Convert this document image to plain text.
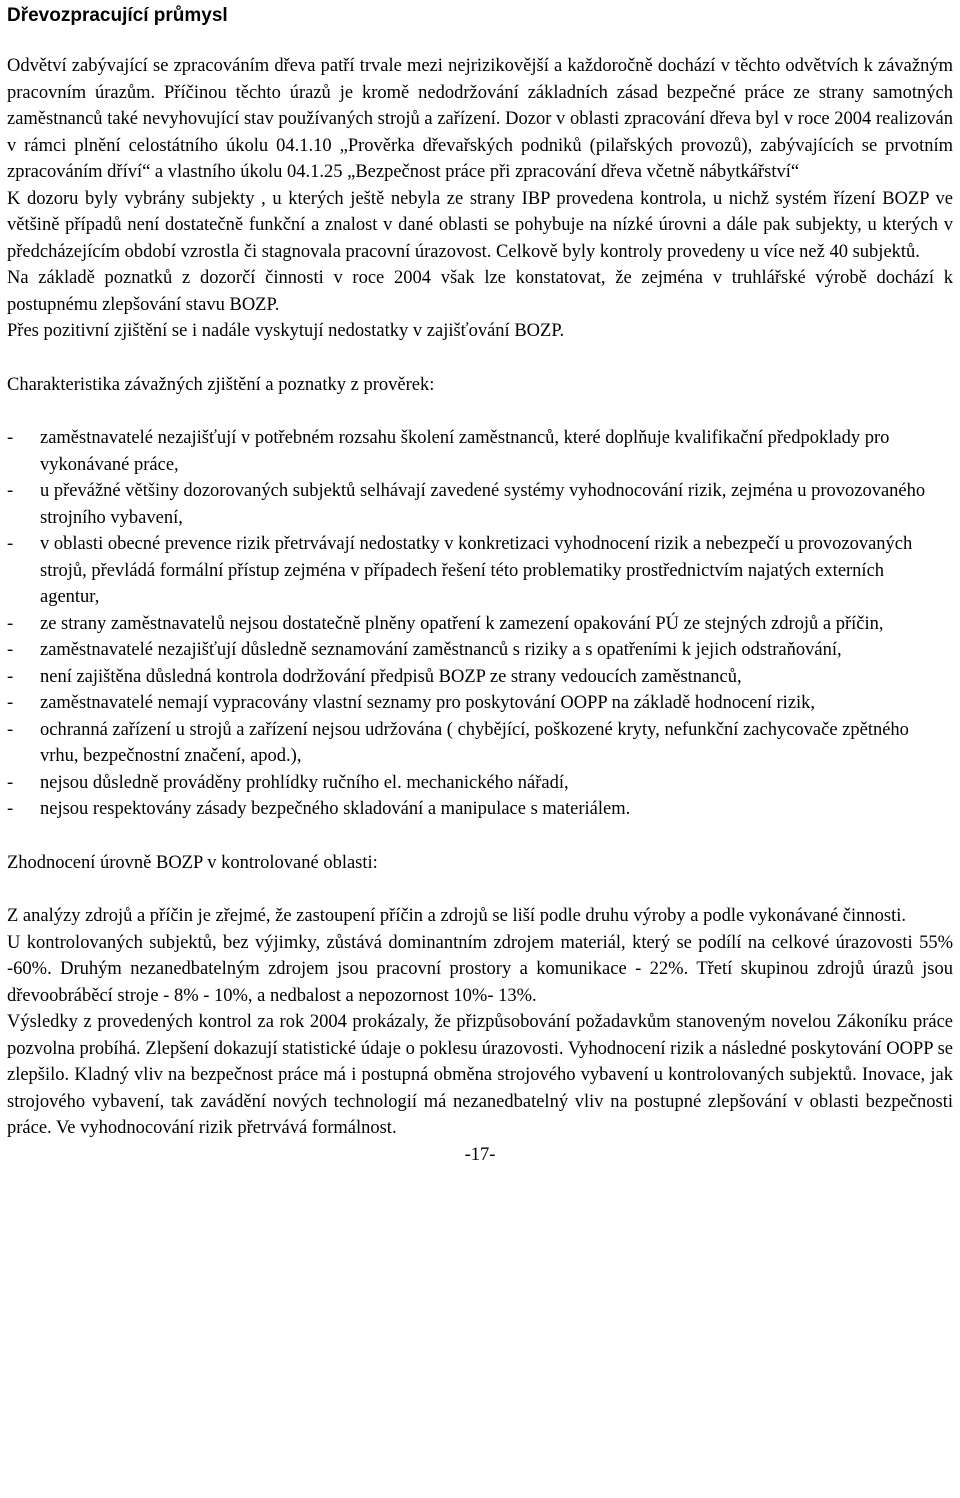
Dřevozpracující průmysl

Odvětví zabývající se zpracováním dřeva patří trvale mezi nejrizikovější a každoročně dochází v těchto odvětvích k závažným pracovním úrazům. Příčinou těchto úrazů je kromě nedodržování základních zásad bezpečné práce ze strany samotných zaměstnanců také nevyhovující stav používaných strojů a zařízení. Dozor v oblasti zpracování dřeva byl v roce 2004 realizován v rámci plnění celostátního úkolu 04.1.10 „Prověrka dřevařských podniků (pilařských provozů), zabývajících se prvotním zpracováním dříví“ a vlastního úkolu 04.1.25 „Bezpečnost práce při zpracování dřeva včetně nábytkářství“

K dozoru byly vybrány subjekty , u kterých ještě nebyla ze strany IBP provedena kontrola, u nichž systém řízení BOZP ve většině případů není dostatečně funkční a znalost v dané oblasti se pohybuje na nízké úrovni a dále pak subjekty, u kterých v předcházejícím období vzrostla či stagnovala pracovní úrazovost. Celkově byly kontroly provedeny u více než 40 subjektů.

Na základě poznatků z dozorčí činnosti v roce 2004 však lze konstatovat, že zejména v truhlářské výrobě dochází k postupnému zlepšování stavu BOZP.

Přes pozitivní zjištění se i nadále vyskytují nedostatky v zajišťování BOZP.

Charakteristika závažných zjištění a poznatky z prověrek:

- zaměstnavatelé nezajišťují v potřebném rozsahu školení zaměstnanců, které doplňuje kvalifikační předpoklady pro vykonávané práce,
- u převážné většiny dozorovaných subjektů selhávají zavedené systémy vyhodnocování rizik, zejména u provozovaného strojního vybavení,
- v oblasti obecné prevence rizik přetrvávají nedostatky v konkretizaci vyhodnocení rizik a nebezpečí u provozovaných strojů, převládá formální přístup zejména v případech řešení této problematiky prostřednictvím najatých externích agentur,
- ze strany zaměstnavatelů nejsou dostatečně plněny opatření k zamezení opakování PÚ ze stejných zdrojů a příčin,
- zaměstnavatelé nezajišťují důsledně seznamování zaměstnanců s riziky a s opatřeními k jejich odstraňování,
- není zajištěna důsledná kontrola dodržování předpisů BOZP ze strany vedoucích zaměstnanců,
- zaměstnavatelé nemají vypracovány vlastní seznamy pro poskytování OOPP na základě hodnocení rizik,
- ochranná zařízení u strojů a zařízení nejsou udržována ( chybějící, poškozené kryty, nefunkční zachycovače zpětného vrhu, bezpečnostní značení, apod.),
- nejsou důsledně prováděny prohlídky ručního el. mechanického nářadí,
- nejsou respektovány zásady bezpečného skladování a manipulace s materiálem.

Zhodnocení úrovně BOZP v kontrolované oblasti:

Z analýzy zdrojů a příčin je zřejmé, že zastoupení příčin a zdrojů se liší podle druhu výroby a podle vykonávané činnosti.

U kontrolovaných subjektů, bez výjimky, zůstává dominantním zdrojem materiál, který se podílí na celkové úrazovosti 55% -60%. Druhým nezanedbatelným zdrojem jsou pracovní prostory a komunikace - 22%. Třetí skupinou zdrojů úrazů jsou dřevoobráběcí stroje - 8% - 10%, a nedbalost a nepozornost 10%- 13%.

Výsledky z provedených kontrol za rok 2004 prokázaly, že přizpůsobování požadavkům stanoveným novelou Zákoníku práce pozvolna probíhá. Zlepšení dokazují statistické údaje o poklesu úrazovosti. Vyhodnocení rizik a následné poskytování OOPP se zlepšilo. Kladný vliv na bezpečnost práce má i postupná obměna strojového vybavení u kontrolovaných subjektů. Inovace, jak strojového vybavení, tak zavádění nových technologií má nezanedbatelný vliv na postupné zlepšování v oblasti bezpečnosti práce. Ve vyhodnocování rizik přetrvává formálnost.

-17-
